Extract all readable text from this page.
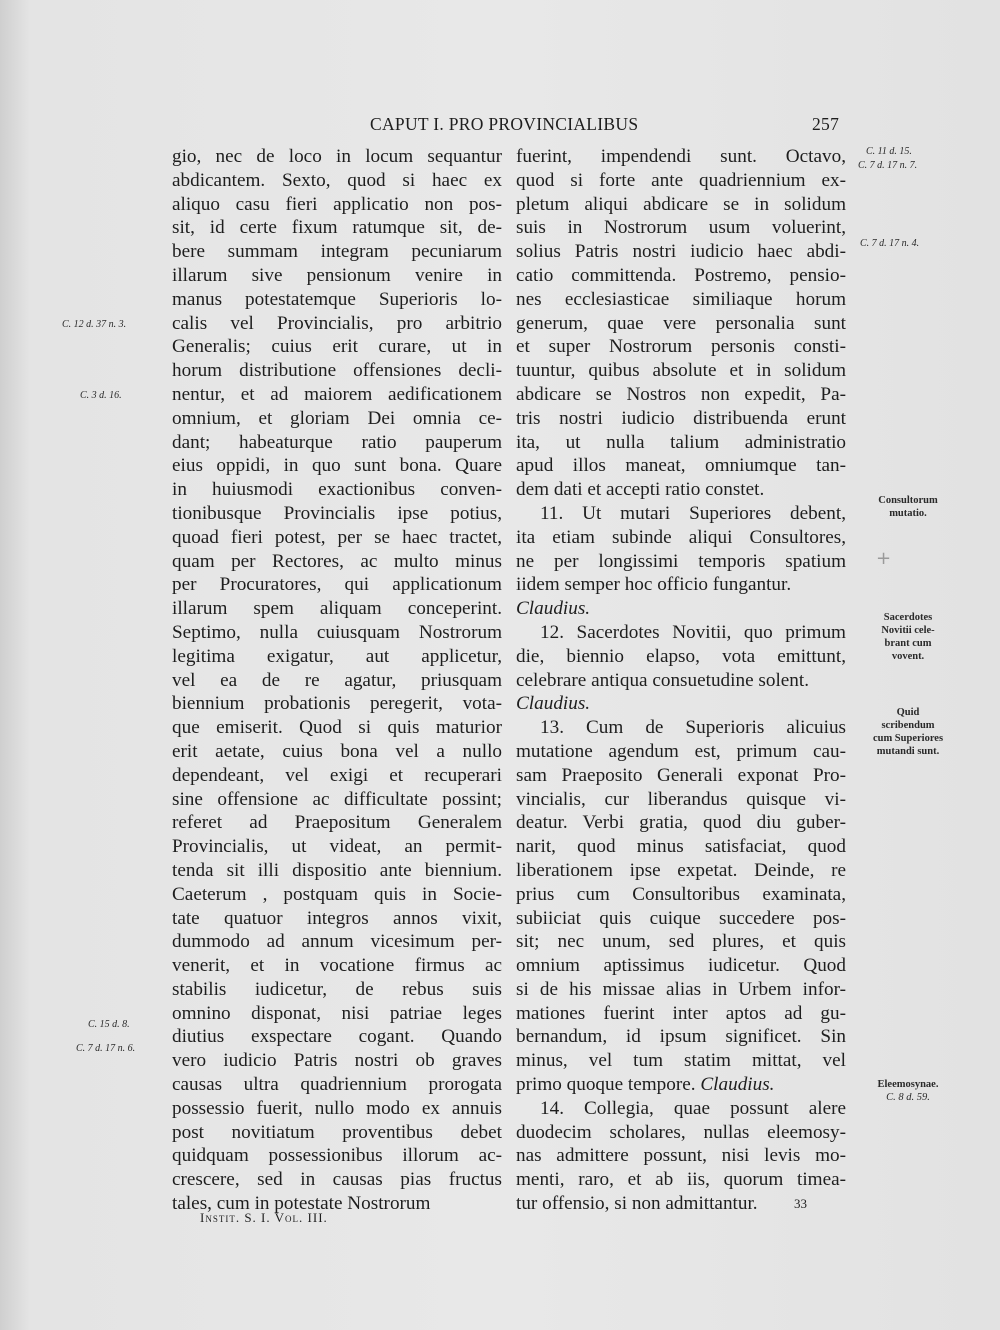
CAPUT I. PRO PROVINCIALIBUS	257
gio, nec de loco in locum sequantur
abdicantem. Sexto, quod si haec ex
aliquo casu fieri applicatio non pos-
sit, id certe fixum ratumque sit, de-
bere summam integram pecuniarum
illarum sive pensionum venire in
manus potestatemque Superioris lo-
calis vel Provincialis, pro arbitrio
Generalis; cuius erit curare, ut in
horum distributione offensiones decli-
nentur, et ad maiorem aedificationem
omnium, et gloriam Dei omnia ce-
dant; habeaturque ratio pauperum
eius oppidi, in quo sunt bona. Quare
in huiusmodi exactionibus conven-
tionibusque Provincialis ipse potius,
quoad fieri potest, per se haec tractet,
quam per Rectores, ac multo minus
per Procuratores, qui applicationum
illarum spem aliquam conceperint.
Septimo, nulla cuiusquam Nostrorum
legitima exigatur, aut applicetur,
vel ea de re agatur, priusquam
biennium probationis peregerit, vota-
que emiserit. Quod si quis maturior
erit aetate, cuius bona vel a nullo
dependeant, vel exigi et recuperari
sine offensione ac difficultate possint;
referet ad Praepositum Generalem
Provincialis, ut videat, an permit-
tenda sit illi dispositio ante biennium.
Caeterum , postquam quis in Socie-
tate quatuor integros annos vixit,
dummodo ad annum vicesimum per-
venerit, et in vocatione firmus ac
stabilis iudicetur, de rebus suis
omnino disponat, nisi patriae leges
diutius exspectare cogant. Quando
vero iudicio Patris nostri ob graves
causas ultra quadriennium prorogata
possessio fuerit, nullo modo ex annuis
post novitiatum proventibus debet
quidquam possessionibus illorum ac-
crescere, sed in causas pias fructus
tales, cum in potestate Nostrorum
fuerint, impendendi sunt. Octavo,
quod si forte ante quadriennium ex-
pletum aliqui abdicare se in solidum
suis in Nostrorum usum voluerint,
solius Patris nostri iudicio haec abdi-
catio committenda. Postremo, pensio-
nes ecclesiasticae similiaque horum
generum, quae vere personalia sunt
et super Nostrorum personis consti-
tuuntur, quibus absolute et in solidum
abdicare se Nostros non expedit, Pa-
tris nostri iudicio distribuenda erunt
ita, ut nulla talium administratio
apud illos maneat, omniumque tan-
dem dati et accepti ratio constet.
11. Ut mutari Superiores debent,
ita etiam subinde aliqui Consultores,
ne per longissimi temporis spatium
iidem semper hoc officio fungantur.
Claudius.
12. Sacerdotes Novitii, quo primum
die, biennio elapso, vota emittunt,
celebrare antiqua consuetudine solent.
Claudius.
13. Cum de Superioris alicuius
mutatione agendum est, primum cau-
sam Praeposito Generali exponat Pro-
vincialis, cur liberandus quisque vi-
deatur. Verbi gratia, quod diu guber-
narit, quod minus satisfaciat, quod
liberationem ipse expetat. Deinde, re
prius cum Consultoribus examinata,
subiiciat quis cuique succedere pos-
sit; nec unum, sed plures, et quis
omnium aptissimus iudicetur. Quod
si de his missae alias in Urbem infor-
mationes fuerint inter aptos ad gu-
bernandum, id ipsum significet. Sin
minus, vel tum statim mittat, vel
primo quoque tempore. Claudius.
14. Collegia, quae possunt alere
duodecim scholares, nullas eleemosy-
nas admittere possunt, nisi levis mo-
menti, raro, et ab iis, quorum timea-
tur offensio, si non admittantur.
C. 12 d. 37 n. 3.
C. 3 d. 16.
C. 15 d. 8.
C. 7 d. 17 n. 6.
C. 11 d. 15.
C. 7 d. 17 n. 7.
C. 7 d. 17 n. 4.
Consultorum
mutatio.
Sacerdotes
Novitii cele-
brant cum
vovent.
Quid
scribendum
cum Superiores
mutandi sunt.
Eleemosynae.
C. 8 d. 59.
+
Instit. S. I. Vol. III.
33
